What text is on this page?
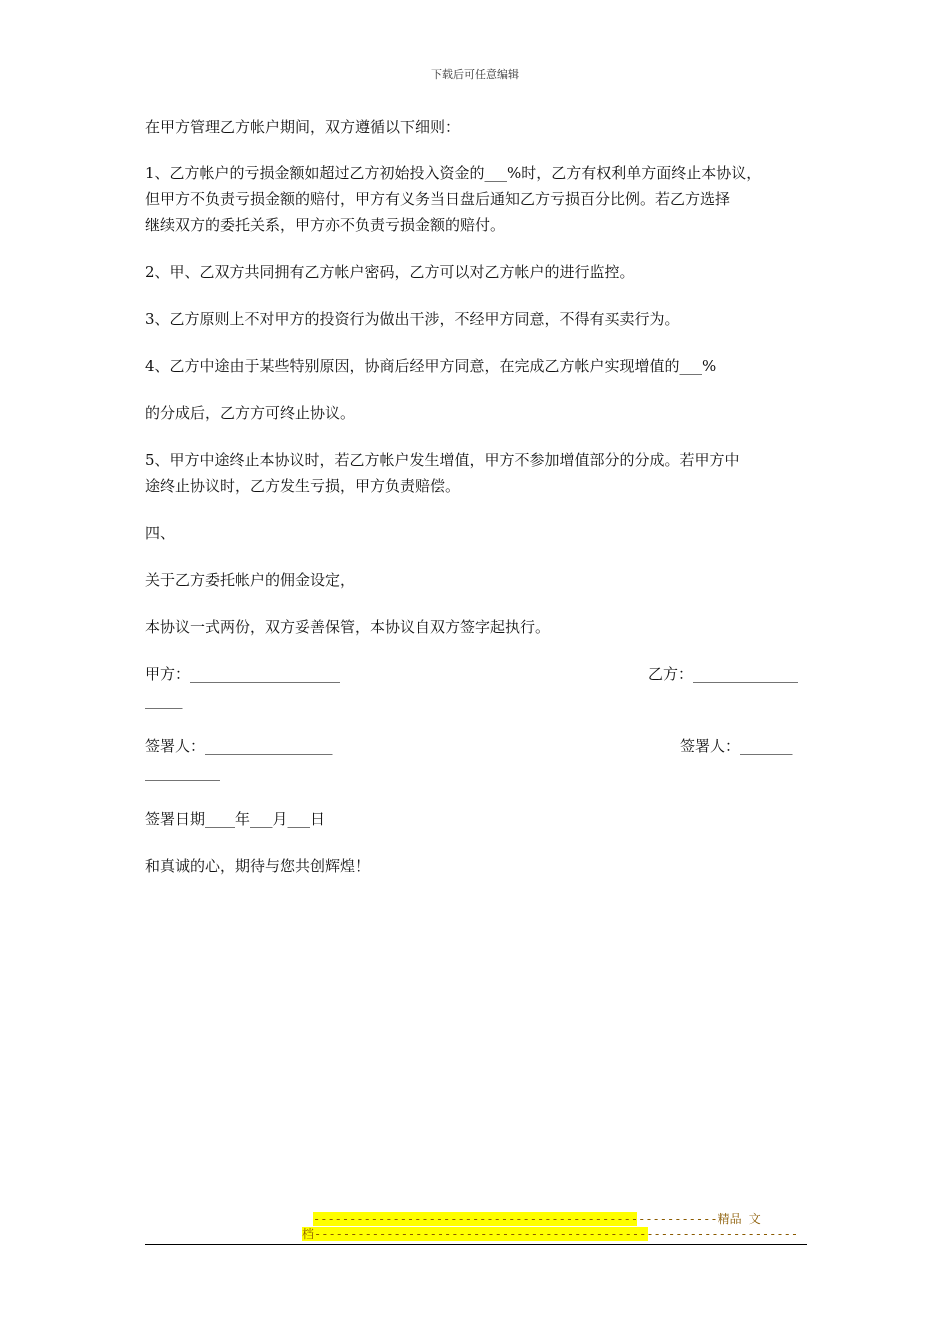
下载后可任意编辑
在甲方管理乙方帐户期间，双方遵循以下细则：
1、乙方帐户的亏损金额如超过乙方初始投入资金的___%时，乙方有权利单方面终止本协议，
但甲方不负责亏损金额的赔付，甲方有义务当日盘后通知乙方亏损百分比例。若乙方选择
继续双方的委托关系，甲方亦不负责亏损金额的赔付。
2、甲、乙双方共同拥有乙方帐户密码，乙方可以对乙方帐户的进行监控。
3、乙方原则上不对甲方的投资行为做出干涉，不经甲方同意，不得有买卖行为。
4、乙方中途由于某些特别原因，协商后经甲方同意，在完成乙方帐户实现增值的___%
的分成后，乙方方可终止协议。
5、甲方中途终止本协议时，若乙方帐户发生增值，甲方不参加增值部分的分成。若甲方中
途终止协议时，乙方发生亏损，甲方负责赔偿。
四、
关于乙方委托帐户的佣金设定，
本协议一式两份，双方妥善保管，本协议自双方签字起执行。
甲方：____________________	乙方：______________
_____
签署人：_________________	签署人：_______
__________
签署日期____年___月___日
和真诚的心，期待与您共创辉煌！
--------------------------------------------------------精品 文
档-------------------------------------------------------------------
